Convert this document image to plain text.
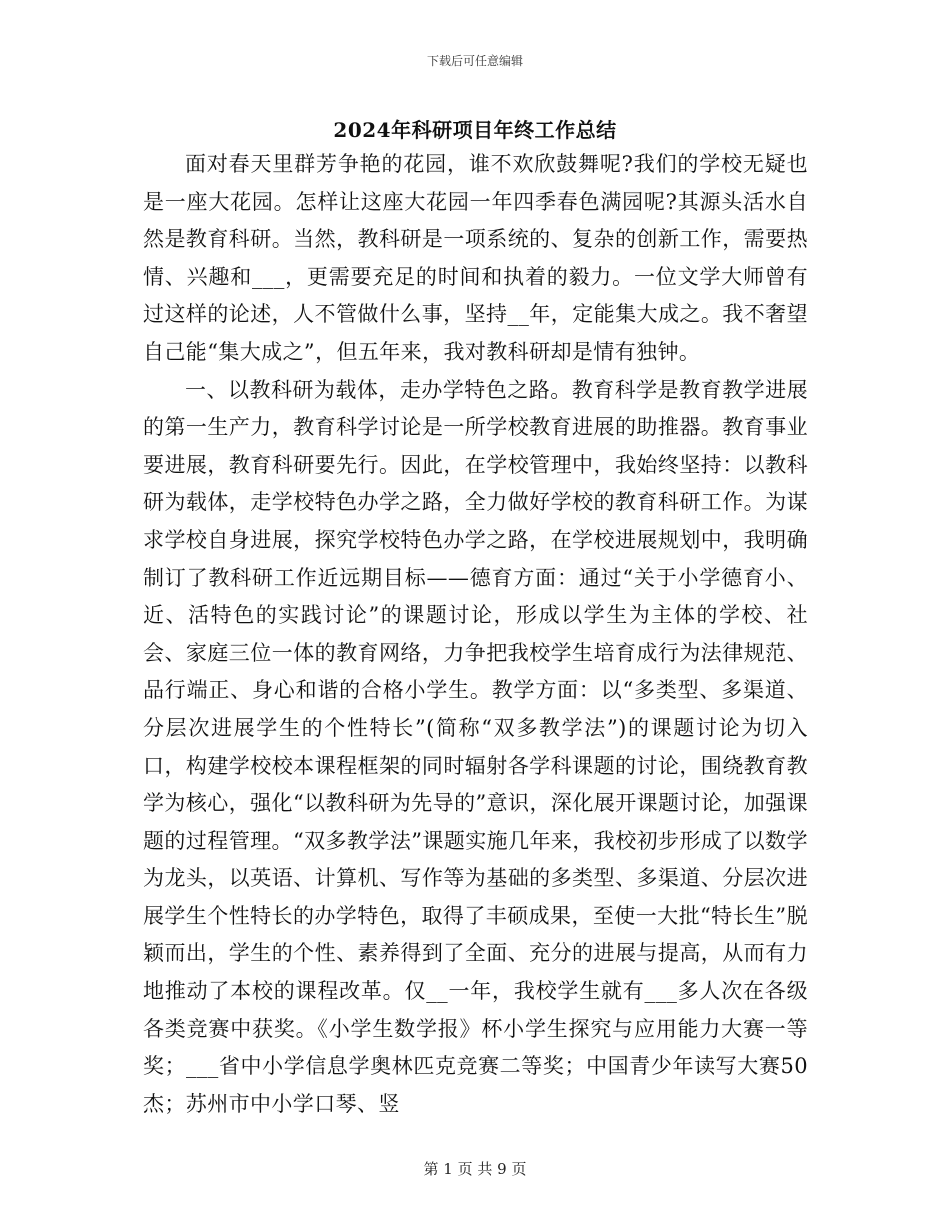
下载后可任意编辑
2024年科研项目年终工作总结

面对春天里群芳争艳的花园，谁不欢欣鼓舞呢?我们的学校无疑也是一座大花园。怎样让这座大花园一年四季春色满园呢?其源头活水自然是教育科研。当然，教科研是一项系统的、复杂的创新工作，需要热情、兴趣和___，更需要充足的时间和执着的毅力。一位文学大师曾有过这样的论述，人不管做什么事，坚持__年，定能集大成之。我不奢望自己能“集大成之”，但五年来，我对教科研却是情有独钟。

一、以教科研为载体，走办学特色之路。教育科学是教育教学进展的第一生产力，教育科学讨论是一所学校教育进展的助推器。教育事业要进展，教育科研要先行。因此，在学校管理中，我始终坚持：以教科研为载体，走学校特色办学之路，全力做好学校的教育科研工作。为谋求学校自身进展，探究学校特色办学之路，在学校进展规划中，我明确制订了教科研工作近远期目标——德育方面：通过“关于小学德育小、近、活特色的实践讨论”的课题讨论，形成以学生为主体的学校、社会、家庭三位一体的教育网络，力争把我校学生培育成行为法律规范、品行端正、身心和谐的合格小学生。教学方面：以“多类型、多渠道、分层次进展学生的个性特长”(简称“双多教学法”)的课题讨论为切入口，构建学校校本课程框架的同时辐射各学科课题的讨论，围绕教育教学为核心，强化“以教科研为先导的”意识，深化展开课题讨论，加强课题的过程管理。“双多教学法”课题实施几年来，我校初步形成了以数学为龙头，以英语、计算机、写作等为基础的多类型、多渠道、分层次进展学生个性特长的办学特色，取得了丰硕成果，至使一大批“特长生”脱颖而出，学生的个性、素养得到了全面、充分的进展与提高，从而有力地推动了本校的课程改革。仅__一年，我校学生就有___多人次在各级各类竞赛中获奖。《小学生数学报》杯小学生探究与应用能力大赛一等奖；___省中小学信息学奥林匹克竞赛二等奖；中国青少年读写大赛50杰；苏州市中小学口琴、竖

第 1 页 共 9 页
